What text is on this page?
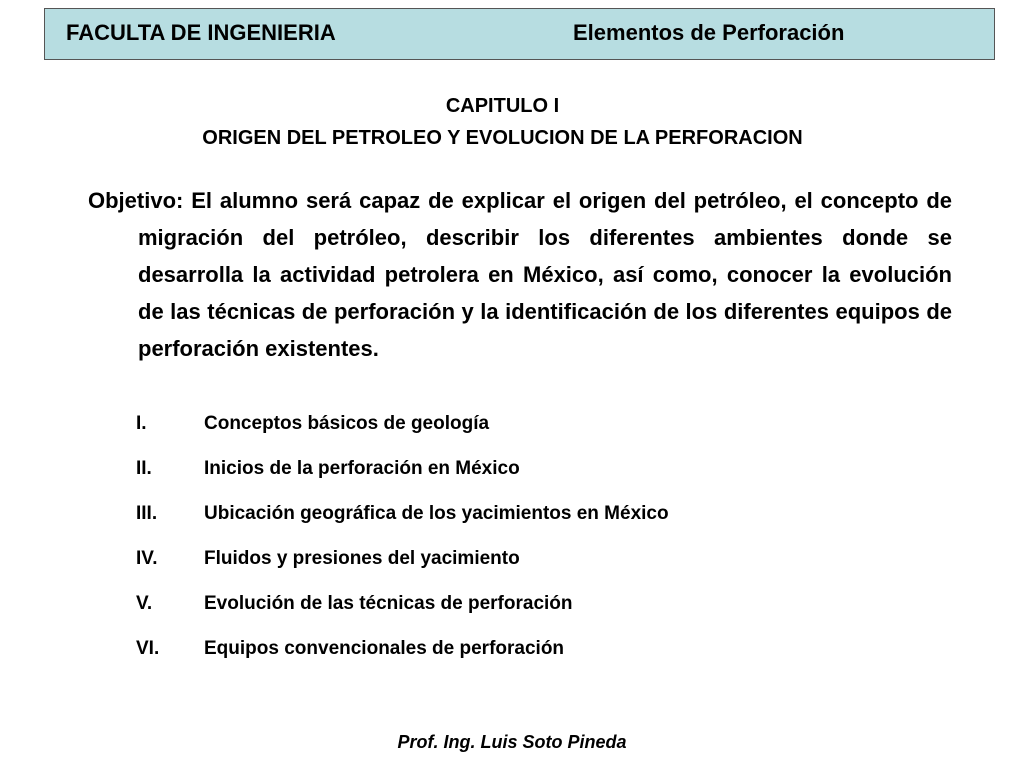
FACULTA DE INGENIERIA	Elementos de Perforación
CAPITULO I
ORIGEN DEL PETROLEO Y EVOLUCION DE LA PERFORACION
Objetivo: El alumno será capaz de explicar el origen del petróleo, el concepto de migración del petróleo, describir los diferentes ambientes donde se desarrolla la actividad petrolera en México, así como, conocer la evolución de las técnicas de perforación y la identificación de los diferentes equipos de perforación existentes.
I.	Conceptos básicos de geología
II.	Inicios de la perforación en México
III.	Ubicación geográfica de los yacimientos en México
IV.	Fluidos y presiones del yacimiento
V.	Evolución de las técnicas de perforación
VI.	Equipos convencionales de perforación
Prof. Ing. Luis Soto Pineda
